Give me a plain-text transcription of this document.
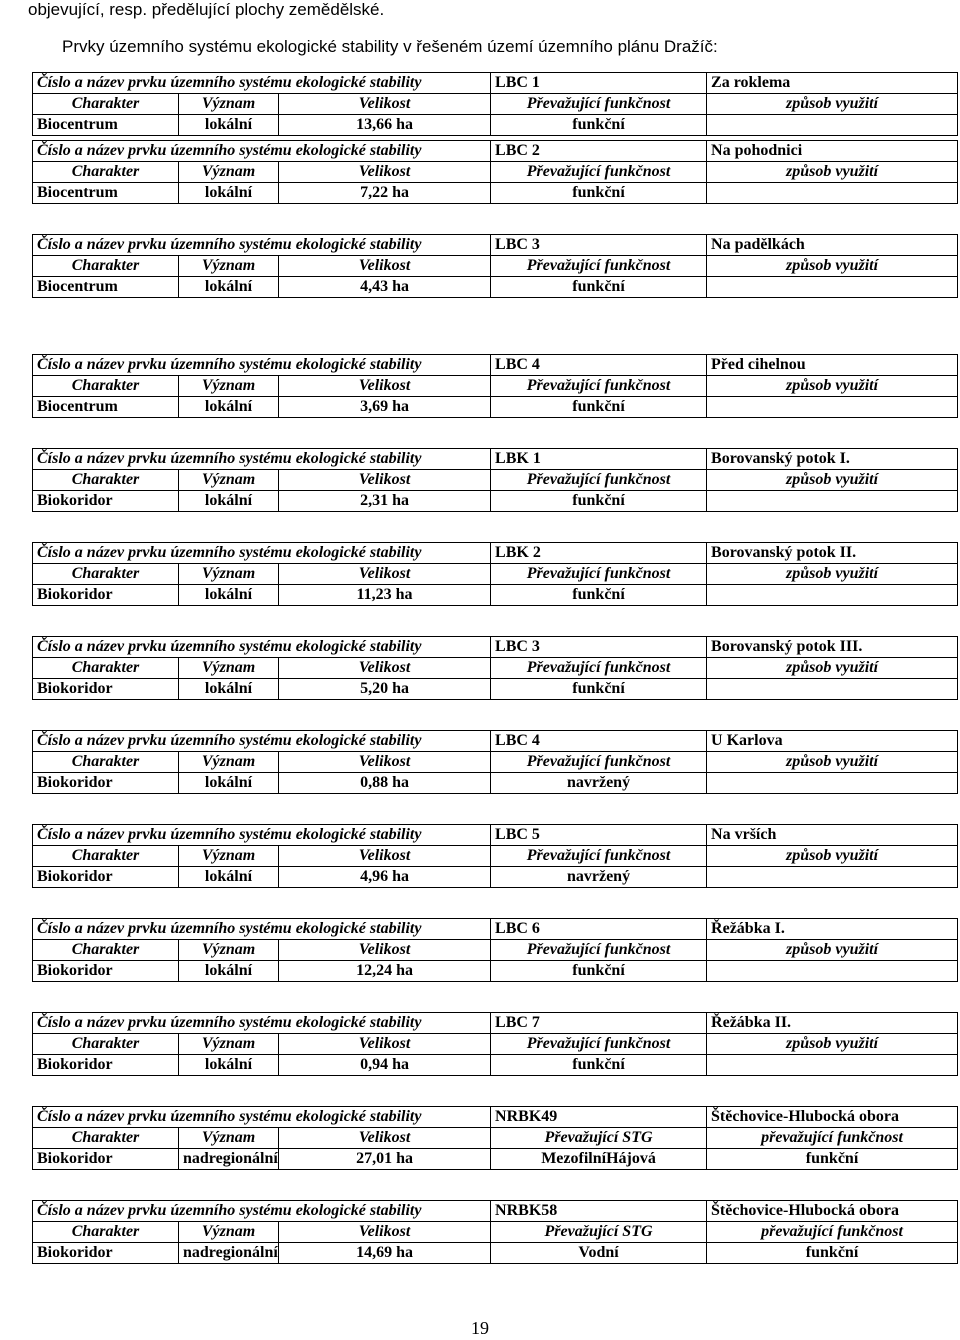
objevující, resp. předělující plochy zemědělské.
Prvky územního systému ekologické stability v řešeném území územního plánu Dražíč:
Číslo a název prvku územního systému ekologické stability			LBC 1	Za roklema
Charakter	Význam	Velikost	Převažující funkčnost	způsob využití
Biocentrum	lokální	13,66 ha	funkční	
Číslo a název prvku územního systému ekologické stability			LBC 2	Na pohodnici
Charakter	Význam	Velikost	Převažující funkčnost	způsob využití
Biocentrum	lokální	7,22 ha	funkční	
Číslo a název prvku územního systému ekologické stability			LBC 3	Na padělkách
Charakter	Význam	Velikost	Převažující funkčnost	způsob využití
Biocentrum	lokální	4,43 ha	funkční	
Číslo a název prvku územního systému ekologické stability			LBC 4	Před cihelnou
Charakter	Význam	Velikost	Převažující funkčnost	způsob využití
Biocentrum	lokální	3,69 ha	funkční	
Číslo a název prvku územního systému ekologické stability			LBK 1	Borovanský potok I.
Charakter	Význam	Velikost	Převažující funkčnost	způsob využití
Biokoridor	lokální	2,31 ha	funkční	
Číslo a název prvku územního systému ekologické stability			LBK 2	Borovanský potok II.
Charakter	Význam	Velikost	Převažující funkčnost	způsob využití
Biokoridor	lokální	11,23 ha	funkční	
Číslo a název prvku územního systému ekologické stability			LBC 3	Borovanský potok III.
Charakter	Význam	Velikost	Převažující funkčnost	způsob využití
Biokoridor	lokální	5,20 ha	funkční	
Číslo a název prvku územního systému ekologické stability			LBC 4	U Karlova
Charakter	Význam	Velikost	Převažující funkčnost	způsob využití
Biokoridor	lokální	0,88 ha	navržený	
Číslo a název prvku územního systému ekologické stability			LBC 5	Na vrších
Charakter	Význam	Velikost	Převažující funkčnost	způsob využití
Biokoridor	lokální	4,96 ha	navržený	
Číslo a název prvku územního systému ekologické stability			LBC 6	Řežábka I.
Charakter	Význam	Velikost	Převažující funkčnost	způsob využití
Biokoridor	lokální	12,24 ha	funkční	
Číslo a název prvku územního systému ekologické stability			LBC 7	Řežábka II.
Charakter	Význam	Velikost	Převažující funkčnost	způsob využití
Biokoridor	lokální	0,94 ha	funkční	
Číslo a název prvku územního systému ekologické stability			NRBK49	Štěchovice-Hlubocká obora
Charakter	Význam	Velikost	Převažující STG	převažující funkčnost
Biokoridor	nadregionální	27,01 ha	MezofilníHájová	funkční
Číslo a název prvku územního systému ekologické stability			NRBK58	Štěchovice-Hlubocká obora
Charakter	Význam	Velikost	Převažující STG	převažující funkčnost
Biokoridor	nadregionální	14,69 ha	Vodní	funkční
19
